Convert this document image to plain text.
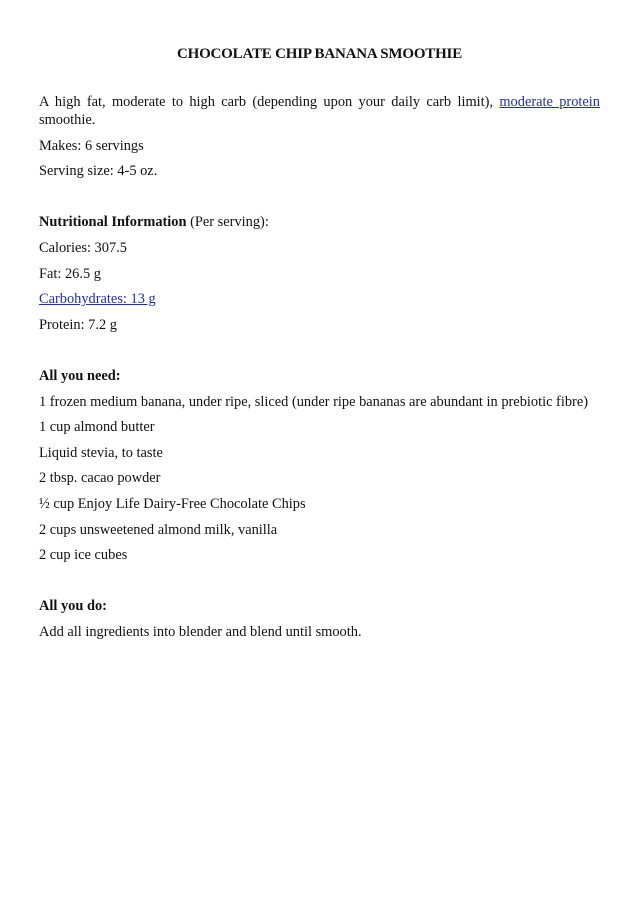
CHOCOLATE CHIP BANANA SMOOTHIE

A high fat, moderate to high carb (depending upon your daily carb limit), moderate protein smoothie.

Makes: 6 servings

Serving size: 4-5 oz.

Nutritional Information (Per serving):

Calories: 307.5

Fat: 26.5 g

Carbohydrates: 13 g

Protein: 7.2 g

All you need:

1 frozen medium banana, under ripe, sliced (under ripe bananas are abundant in prebiotic fibre)

1 cup almond butter

Liquid stevia, to taste

2 tbsp. cacao powder

½ cup Enjoy Life Dairy-Free Chocolate Chips

2 cups unsweetened almond milk, vanilla

2 cup ice cubes

All you do:

Add all ingredients into blender and blend until smooth.
